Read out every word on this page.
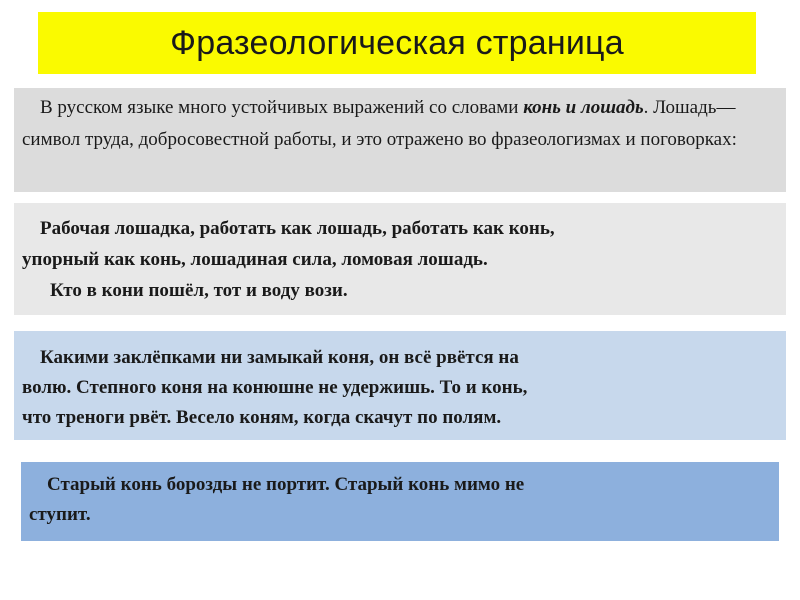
Фразеологическая страница
В русском языке много устойчивых выражений со словами конь и лошадь. Лошадь— символ труда, добросовестной работы, и это отражено во фразеологизмах и поговорках:
Рабочая лошадка, работать как лошадь, работать как конь,
упорный как конь, лошадиная сила, ломовая лошадь.
Кто в кони пошёл, тот и воду вози.
Какими заклёпками ни замыкай коня, он всё рвётся на
волю. Степного коня на конюшне не удержишь. То и конь,
что треноги рвёт. Весело коням, когда скачут по полям.
Старый конь борозды не портит. Старый конь мимо не
ступит.
